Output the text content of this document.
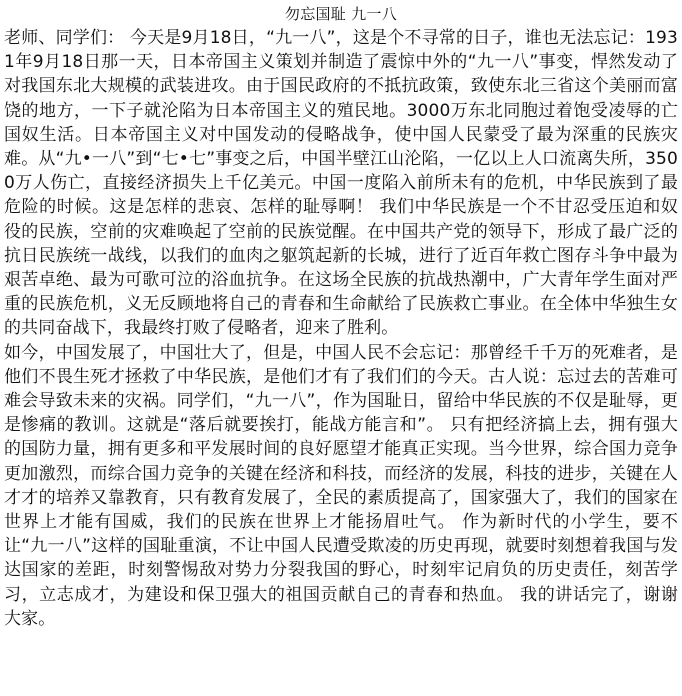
勿忘国耻 九一八

老师、同学们： 今天是9月18日，“九一八”，这是个不寻常的日子，谁也无法忘记：1931年9月18日那一天，日本帝国主义策划并制造了震惊中外的“九一八”事变，悍然发动了对我国东北大规模的武装进攻。由于国民政府的不抵抗政策，致使东北三省这个美丽而富饶的地方，一下子就沦陷为日本帝国主义的殖民地。3000万东北同胞过着饱受凌辱的亡国奴生活。日本帝国主义对中国发动的侵略战争，使中国人民蒙受了最为深重的民族灾难。从“九•一八”到“七•七”事变之后，中国半壁江山沦陷，一亿以上人口流离失所，3500万人伤亡，直接经济损失上千亿美元。中国一度陷入前所未有的危机，中华民族到了最危险的时候。这是怎样的悲哀、怎样的耻辱啊！ 我们中华民族是一个不甘忍受压迫和奴役的民族，空前的灾难唤起了空前的民族觉醒。在中国共产党的领导下，形成了最广泛的抗日民族统一战线，以我们的血肉之躯筑起新的长城，进行了近百年救亡图存斗争中最为艰苦卓绝、最为可歌可泣的浴血抗争。在这场全民族的抗战热潮中，广大青年学生面对严重的民族危机，义无反顾地将自己的青春和生命献给了民族救亡事业。在全体中华独生女的共同奋战下，我最终打败了侵略者，迎来了胜利。

如今，中国发展了，中国壮大了，但是，中国人民不会忘记：那曾经千千万的死难者，是他们不畏生死才拯救了中华民族，是他们才有了我们们的今天。古人说：忘过去的苦难可难会导致未来的灾祸。同学们，“九一八”，作为国耻日，留给中华民族的不仅是耻辱，更是惨痛的教训。这就是“落后就要挨打，能战方能言和”。 只有把经济搞上去，拥有强大的国防力量，拥有更多和平发展时间的良好愿望才能真正实现。当今世界，综合国力竞争更加激烈，而综合国力竞争的关键在经济和科技，而经济的发展，科技的进步，关键在人才才的培养又靠教育，只有教育发展了，全民的素质提高了，国家强大了，我们的国家在世界上才能有国威，我们的民族在世界上才能扬眉吐气。 作为新时代的小学生，要不让“九一八”这样的国耻重演，不让中国人民遭受欺凌的历史再现，就要时刻想着我国与发达国家的差距，时刻警惕敌对势力分裂我国的野心，时刻牢记肩负的历史责任，刻苦学习，立志成才，为建设和保卫强大的祖国贡献自己的青春和热血。 我的讲话完了，谢谢大家。
